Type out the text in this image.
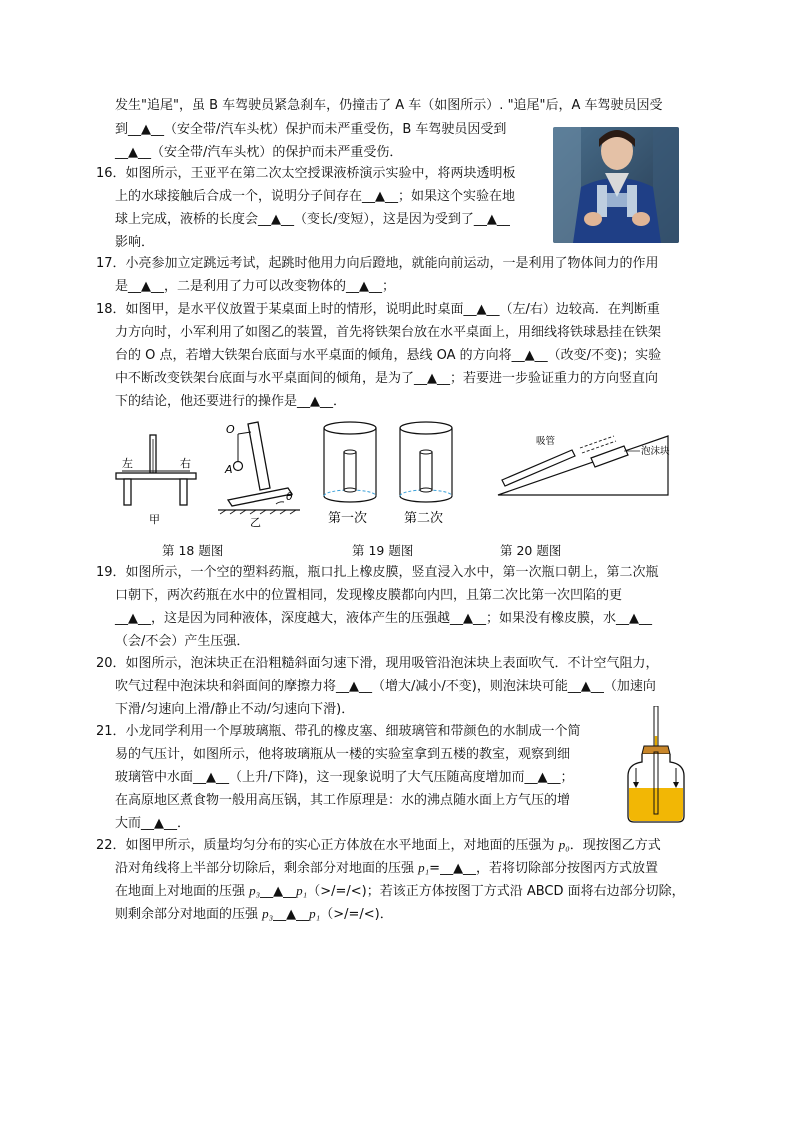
发生"追尾"，虽 B 车驾驶员紧急刹车，仍撞击了 A 车（如图所示）. "追尾"后，A 车驾驶员因受
到__▲__（安全带/汽车头枕）保护而未严重受伤，B 车驾驶员因受到
__▲__（安全带/汽车头枕）的保护而未严重受伤．
16．如图所示，王亚平在第二次太空授课液桥演示实验中，将两块透明板
上的水球接触后合成一个，说明分子间存在__▲__；如果这个实验在地
球上完成，液桥的长度会__▲__（变长/变短），这是因为受到了__▲__
影响．
17．小亮参加立定跳远考试，起跳时他用力向后蹬地，就能向前运动，一是利用了物体间力的作用
是__▲__，二是利用了力可以改变物体的__▲__；
18．如图甲，是水平仪放置于某桌面上时的情形，说明此时桌面__▲__（左/右）边较高．在判断重
力方向时，小军利用了如图乙的装置，首先将铁架台放在水平桌面上，用细线将铁球悬挂在铁架
台的 O 点，若增大铁架台底面与水平桌面的倾角，悬线 OA 的方向将__▲__（改变/不变)；实验
中不断改变铁架台底面与水平桌面间的倾角，是为了__▲__；若要进一步验证重力的方向竖直向
下的结论，他还要进行的操作是__▲__．
左	右
甲
O
A
θ
乙	第一次	第二次
吸管
泡沫块
第 18 题图	第 19 题图	第 20 题图
19．如图所示，一个空的塑料药瓶，瓶口扎上橡皮膜，竖直浸入水中，第一次瓶口朝上，第二次瓶
口朝下，两次药瓶在水中的位置相同，发现橡皮膜都向内凹，且第二次比第一次凹陷的更
__▲__，这是因为同种液体，深度越大，液体产生的压强越__▲__；如果没有橡皮膜，水__▲__
（会/不会）产生压强．
20．如图所示，泡沫块正在沿粗糙斜面匀速下滑，现用吸管沿泡沫块上表面吹气．不计空气阻力，
吹气过程中泡沫块和斜面间的摩擦力将__▲__（增大/减小/不变)，则泡沫块可能__▲__（加速向
下滑/匀速向上滑/静止不动/匀速向下滑)．
21．小龙同学利用一个厚玻璃瓶、带孔的橡皮塞、细玻璃管和带颜色的水制成一个简
易的气压计，如图所示，他将玻璃瓶从一楼的实验室拿到五楼的教室，观察到细
玻璃管中水面__▲__（上升/下降)，这一现象说明了大气压随高度增加而__▲__；
在高原地区煮食物一般用高压锅，其工作原理是：水的沸点随水面上方气压的增
大而__▲__．
22．如图甲所示，质量均匀分布的实心正方体放在水平地面上，对地面的压强为 p₀．现按图乙方式
沿对角线将上半部分切除后，剩余部分对地面的压强 p₁=__▲__，若将切除部分按图丙方式放置
在地面上对地面的压强 p₃__▲__p₁（>/=/<)；若该正方体按图丁方式沿 ABCD 面将右边部分切除，
则剩余部分对地面的压强 p₃__▲__p₁（>/=/<)．
